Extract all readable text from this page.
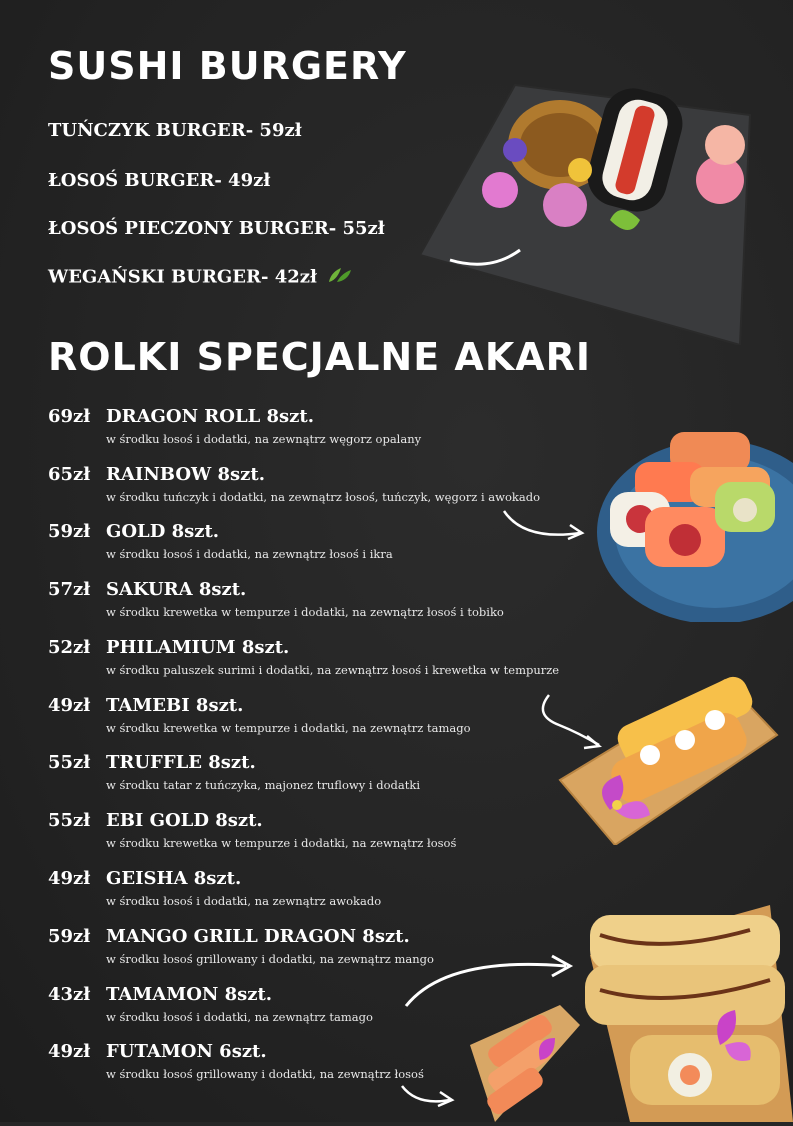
SUSHI BURGERY
TUŃCZYK BURGER- 59zł
ŁOSOŚ BURGER- 49zł
ŁOSOŚ PIECZONY BURGER- 55zł
WEGAŃSKI BURGER- 42zł
ROLKI SPECJALNE AKARI
69zł DRAGON ROLL 8szt.
w środku łosoś i dodatki, na zewnątrz węgorz opalany
65zł RAINBOW 8szt.
w środku tuńczyk i dodatki, na zewnątrz łosoś, tuńczyk, węgorz i awokado
59zł GOLD 8szt.
w środku łosoś i dodatki, na zewnątrz łosoś i ikra
57zł SAKURA 8szt.
w środku krewetka w tempurze i dodatki, na zewnątrz łosoś i tobiko
52zł PHILAMIUM 8szt.
w środku paluszek surimi i dodatki, na zewnątrz łosoś i krewetka w tempurze
49zł TAMEBI 8szt.
w środku krewetka w tempurze i dodatki, na zewnątrz tamago
55zł TRUFFLE 8szt.
w środku tatar z tuńczyka, majonez truflowy i dodatki
55zł EBI GOLD 8szt.
w środku krewetka w tempurze i dodatki, na zewnątrz łosoś
49zł GEISHA 8szt.
w środku łosoś i dodatki, na zewnątrz awokado
59zł MANGO GRILL DRAGON 8szt.
w środku łosoś grillowany i dodatki, na zewnątrz mango
43zł TAMAMON 8szt.
w środku łosoś i dodatki, na zewnątrz tamago
49zł FUTAMON 6szt.
w środku łosoś grillowany i dodatki, na zewnątrz łosoś
